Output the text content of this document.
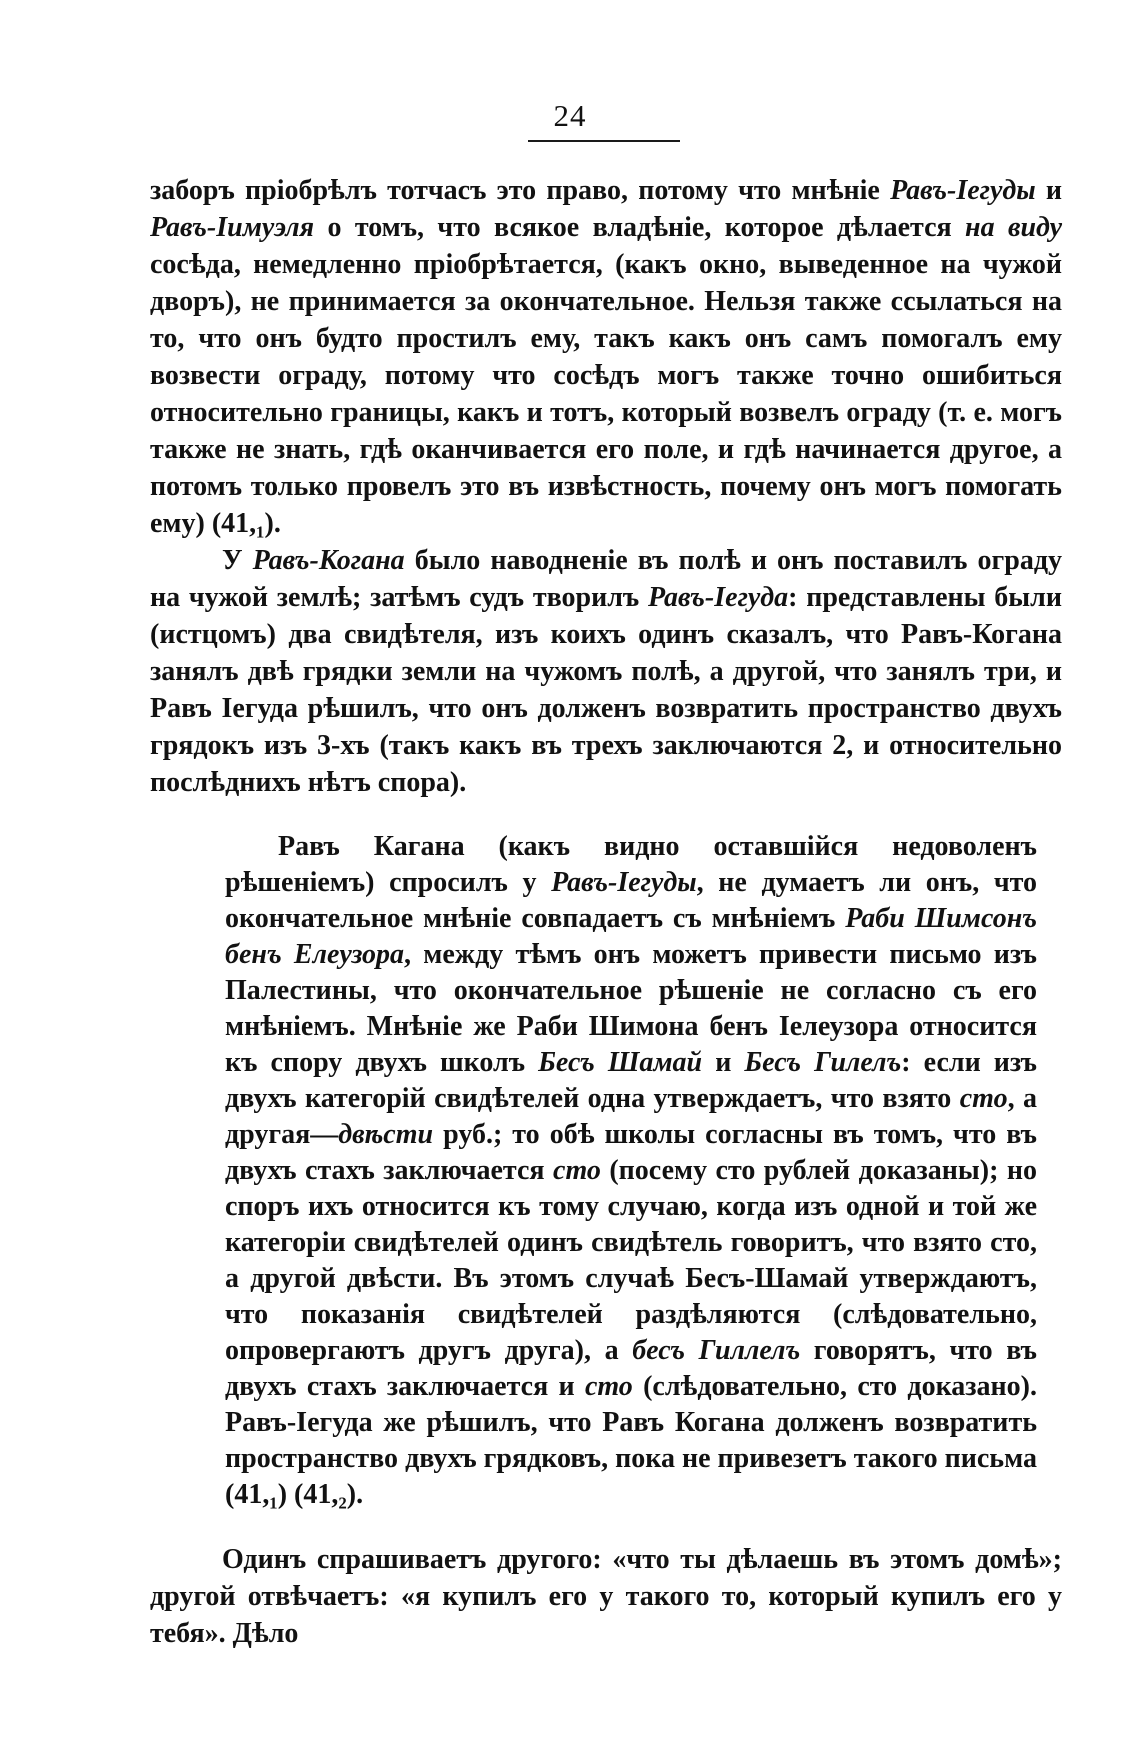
24

заборъ пріобрѣлъ тотчасъ это право, потому что мнѣніе Равъ-Іегуды и Равъ-Іимуэля о томъ, что всякое владѣніе, которое дѣлается на виду сосѣда, немедленно пріобрѣтается, (какъ окно, выведенное на чужой дворъ), не принимается за окончательное. Нельзя также ссылаться на то, что онъ будто простилъ ему, такъ какъ онъ самъ помогалъ ему возвести ограду, потому что сосѣдъ могъ также точно ошибиться относительно границы, какъ и тотъ, который возвелъ ограду (т. е. могъ также не знать, гдѣ оканчивается его поле, и гдѣ начинается другое, а потомъ только провелъ это въ извѣстность, почему онъ могъ помогать ему) (41,₁).

У Равъ-Когана было наводненіе въ полѣ и онъ поставилъ ограду на чужой землѣ; затѣмъ судъ творилъ Равъ-Іегуда: представлены были (истцомъ) два свидѣтеля, изъ коихъ одинъ сказалъ, что Равъ-Когана занялъ двѣ грядки земли на чужомъ полѣ, а другой, что занялъ три, и Равъ Іегуда рѣшилъ, что онъ долженъ возвратить пространство двухъ грядокъ изъ 3-хъ (такъ какъ въ трехъ заключаются 2, и относительно послѣднихъ нѣтъ спора).

Равъ Кагана (какъ видно оставшійся недоволенъ рѣшеніемъ) спросилъ у Равъ-Іегуды, не думаетъ ли онъ, что окончательное мнѣніе совпадаетъ съ мнѣніемъ Раби Шимсонъ бенъ Елеузора, между тѣмъ онъ можетъ привести письмо изъ Палестины, что окончательное рѣшеніе не согласно съ его мнѣніемъ. Мнѣніе же Раби Шимона бенъ Іелеузора относится къ спору двухъ школъ Бесъ Шамай и Бесъ Гилелъ: если изъ двухъ категорій свидѣтелей одна утверждаетъ, что взято сто, а другая—двѣсти руб.; то обѣ школы согласны въ томъ, что въ двухъ стахъ заключается сто (посему сто рублей доказаны); но споръ ихъ относится къ тому случаю, когда изъ одной и той же категоріи свидѣтелей одинъ свидѣтель говоритъ, что взято сто, а другой двѣсти. Въ этомъ случаѣ Бесъ-Шамай утверждаютъ, что показанія свидѣтелей раздѣляются (слѣдовательно, опровергаютъ другъ друга), а бесъ Гиллелъ говорятъ, что въ двухъ стахъ заключается и сто (слѣдовательно, сто доказано). Равъ-Іегуда же рѣшилъ, что Равъ Когана долженъ возвратить пространство двухъ грядковъ, пока не привезетъ такого письма (41,₁) (41,₂).

Одинъ спрашиваетъ другого: «что ты дѣлаешь въ этомъ домѣ»; другой отвѣчаетъ: «я купилъ его у такого то, который купилъ его у тебя». Дѣло
